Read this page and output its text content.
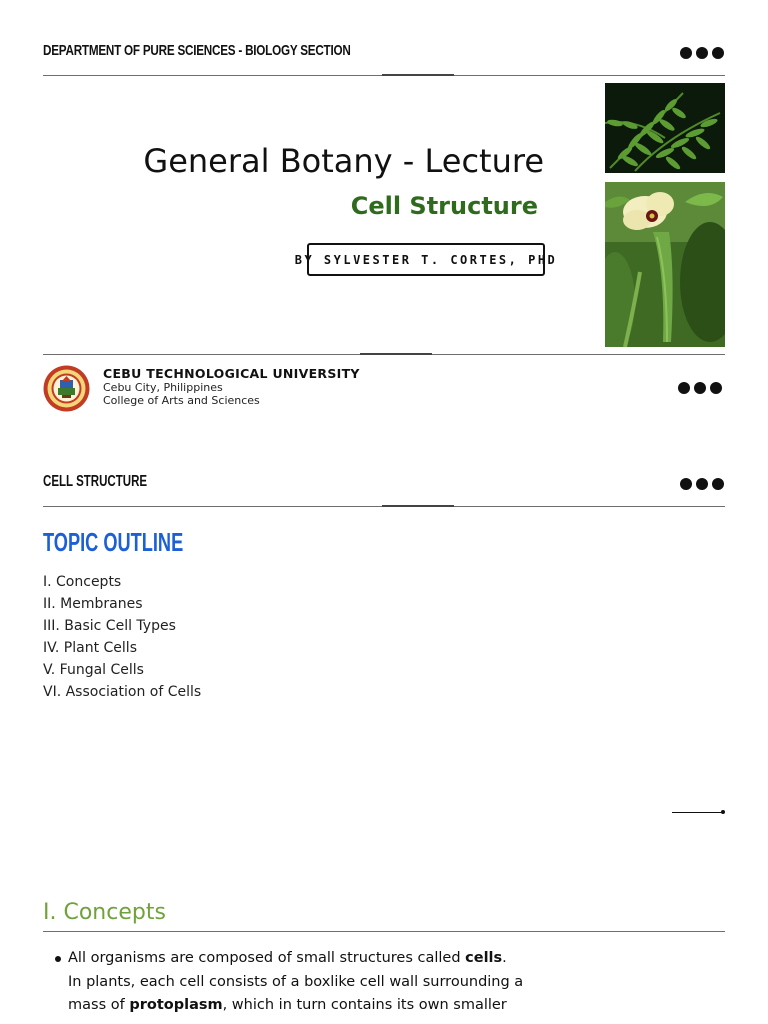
DEPARTMENT OF PURE SCIENCES - BIOLOGY SECTION
General Botany - Lecture
Cell Structure
BY SYLVESTER T. CORTES, PHD
CEBU TECHNOLOGICAL UNIVERSITY
Cebu City, Philippines
College of Arts and Sciences
CELL STRUCTURE
TOPIC OUTLINE
I. Concepts
II. Membranes
III. Basic Cell Types
IV. Plant Cells
V. Fungal Cells
VI. Association of Cells
I. Concepts
All organisms are composed of small structures called cells.
In plants, each cell consists of a boxlike cell wall surrounding a
mass of protoplasm, which in turn contains its own smaller
